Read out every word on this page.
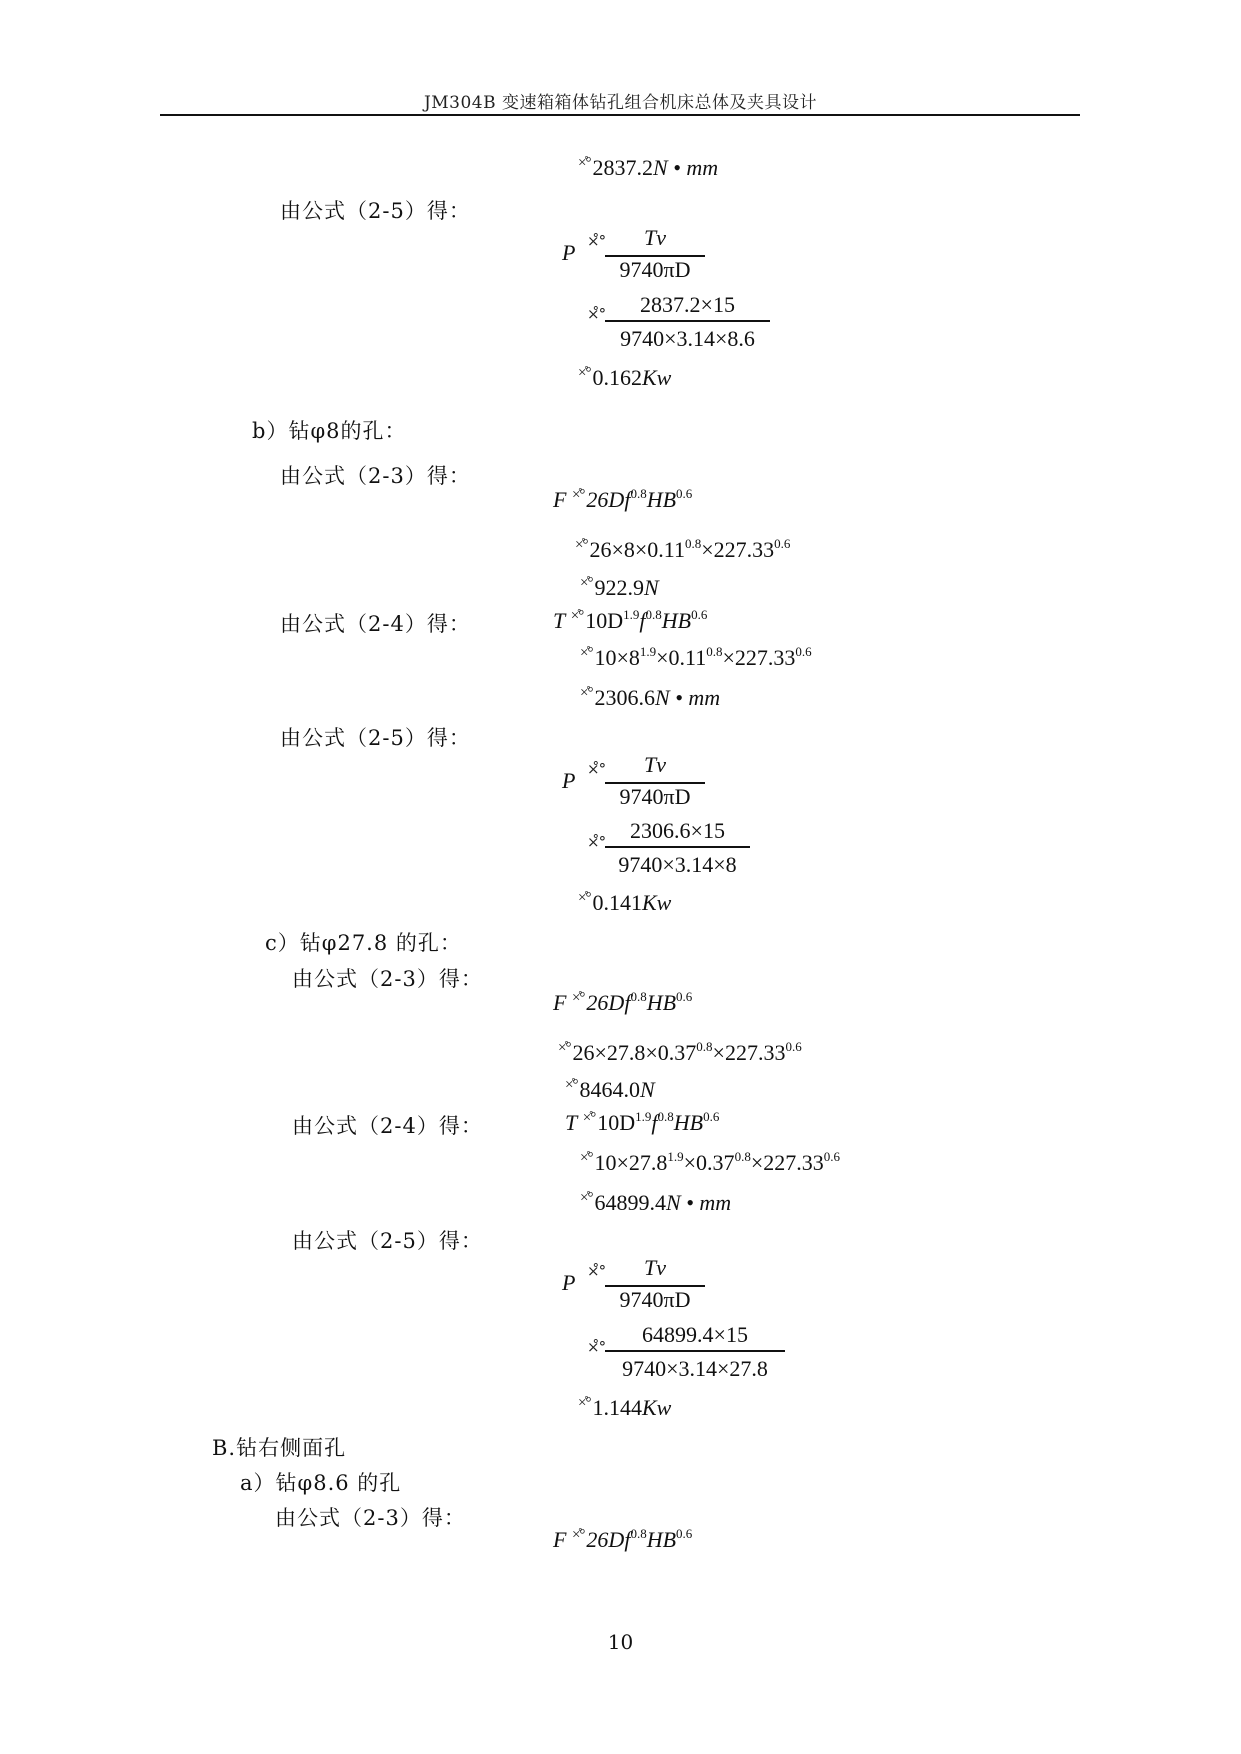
JM304B 变速箱箱体钻孔组合机床总体及夹具设计
×̊°2837.2N • mm
由公式（2-5）得：
P ×̊°	Tv
9740πD
×̊°	2837.2×15
9740×3.14×8.6
×̊°0.162Kw
b）钻φ8的孔：
由公式（2-3）得：
F $^{\times̊^\circ}26Df^{0.8}HB^{0.6}$
$^{\times̊^\circ}26\times 8\times 0.11^{0.8}\times 227.33^{0.6}$
×̊°922.9N
由公式（2-4）得：	T $^{\times̊^\circ}10D^{1.9}f^{0.8}HB^{0.6}$
$^{\times̊^\circ}10\times 8^{1.9}\times 0.11^{0.8}\times 227.33^{0.6}$
×̊°2306.6N • mm
由公式（2-5）得：
P ×̊°	Tv
9740πD
×̊°	2306.6×15
9740×3.14×8
×̊°0.141Kw
c）钻φ27.8 的孔：
由公式（2-3）得：
F $^{\times̊^\circ}26Df^{0.8}HB^{0.6}$
$^{\times̊^\circ}26\times 27.8\times 0.37^{0.8}\times 227.33^{0.6}$
×̊°8464.0N
由公式（2-4）得：	T $^{\times̊^\circ}10D^{1.9}f^{0.8}HB^{0.6}$
$^{\times̊^\circ}10\times 27.8^{1.9}\times 0.37^{0.8}\times 227.33^{0.6}$
×̊°64899.4N • mm
由公式（2-5）得：
P ×̊°	Tv
9740πD
×̊°	64899.4×15
9740×3.14×27.8
×̊°1.144Kw
B.钻右侧面孔
a）钻φ8.6 的孔
由公式（2-3）得：
F $^{\times̊^\circ}26Df^{0.8}HB^{0.6}$
10
